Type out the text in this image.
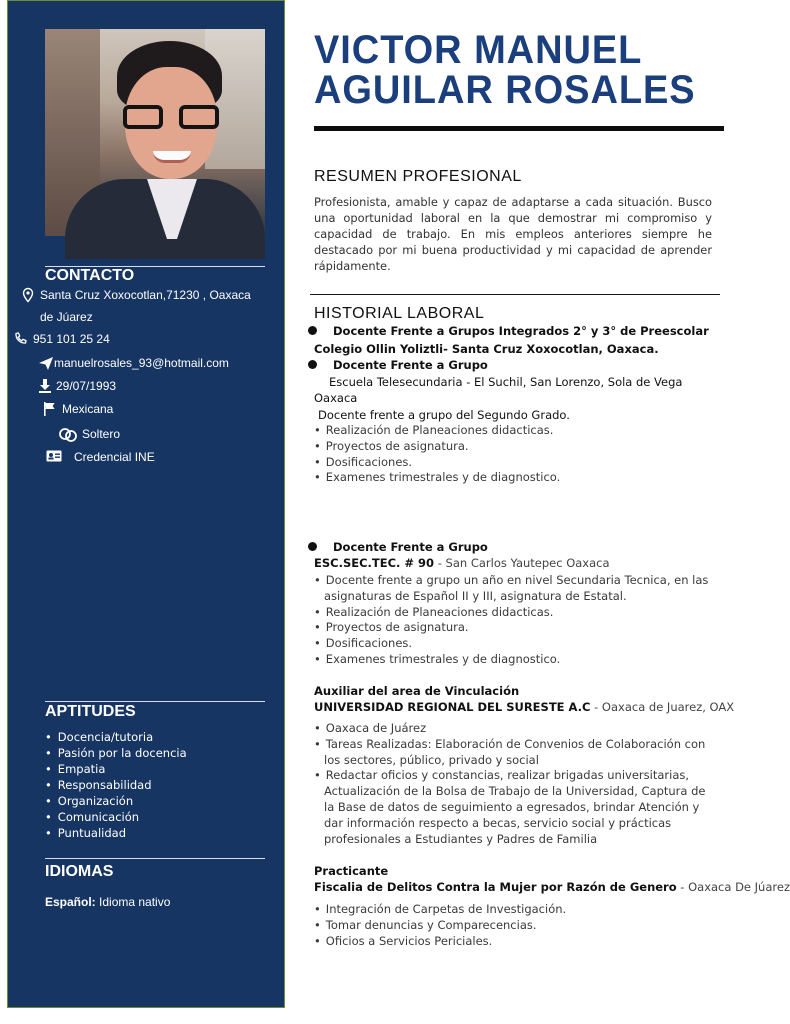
CONTACTO
Santa Cruz Xoxocotlan,71230 , Oaxaca de Júarez
951 101 25 24
manuelrosales_93@hotmail.com
29/07/1993
Mexicana
Soltero
Credencial INE
APTITUDES
• Docencia/tutoria
• Pasión por la docencia
• Empatia
• Responsabilidad
• Organización
• Comunicación
• Puntualidad
IDIOMAS
Español: Idioma nativo
VICTOR MANUEL
AGUILAR ROSALES
RESUMEN PROFESIONAL

Profesionista, amable y capaz de adaptarse a cada situación. Busco una oportunidad laboral en la que demostrar mi compromiso y capacidad de trabajo. En mis empleos anteriores siempre he destacado por mi buena productividad y mi capacidad de aprender rápidamente.

HISTORIAL LABORAL
Docente Frente a Grupos Integrados 2° y 3° de Preescolar
Colegio Ollin Yoliztli- Santa Cruz Xoxocotlan, Oaxaca.
Docente Frente a Grupo
Escuela Telesecundaria - El Suchil, San Lorenzo, Sola de Vega
Oaxaca
Docente frente a grupo del Segundo Grado.
• Realización de Planeaciones didacticas.
• Proyectos de asignatura.
• Dosificaciones.
• Examenes trimestrales y de diagnostico.
Docente Frente a Grupo
ESC.SEC.TEC. # 90 - San Carlos Yautepec Oaxaca
• Docente frente a grupo un año en nivel Secundaria Tecnica, en las asignaturas de Español II y III, asignatura de Estatal.
• Realización de Planeaciones didacticas.
• Proyectos de asignatura.
• Dosificaciones.
• Examenes trimestrales y de diagnostico.
Auxiliar del area de Vinculación
UNIVERSIDAD REGIONAL DEL SURESTE A.C - Oaxaca de Juarez, OAX
• Oaxaca de Juárez
• Tareas Realizadas: Elaboración de Convenios de Colaboración con los sectores, público, privado y social
• Redactar oficios y constancias, realizar brigadas universitarias, Actualización de la Bolsa de Trabajo de la Universidad, Captura de la Base de datos de seguimiento a egresados, brindar Atención y dar información respecto a becas, servicio social y prácticas profesionales a Estudiantes y Padres de Familia
Practicante
Fiscalia de Delitos Contra la Mujer por Razón de Genero - Oaxaca De Júarez
• Integración de Carpetas de Investigación.
• Tomar denuncias y Comparecencias.
• Oficios a Servicios Periciales.
